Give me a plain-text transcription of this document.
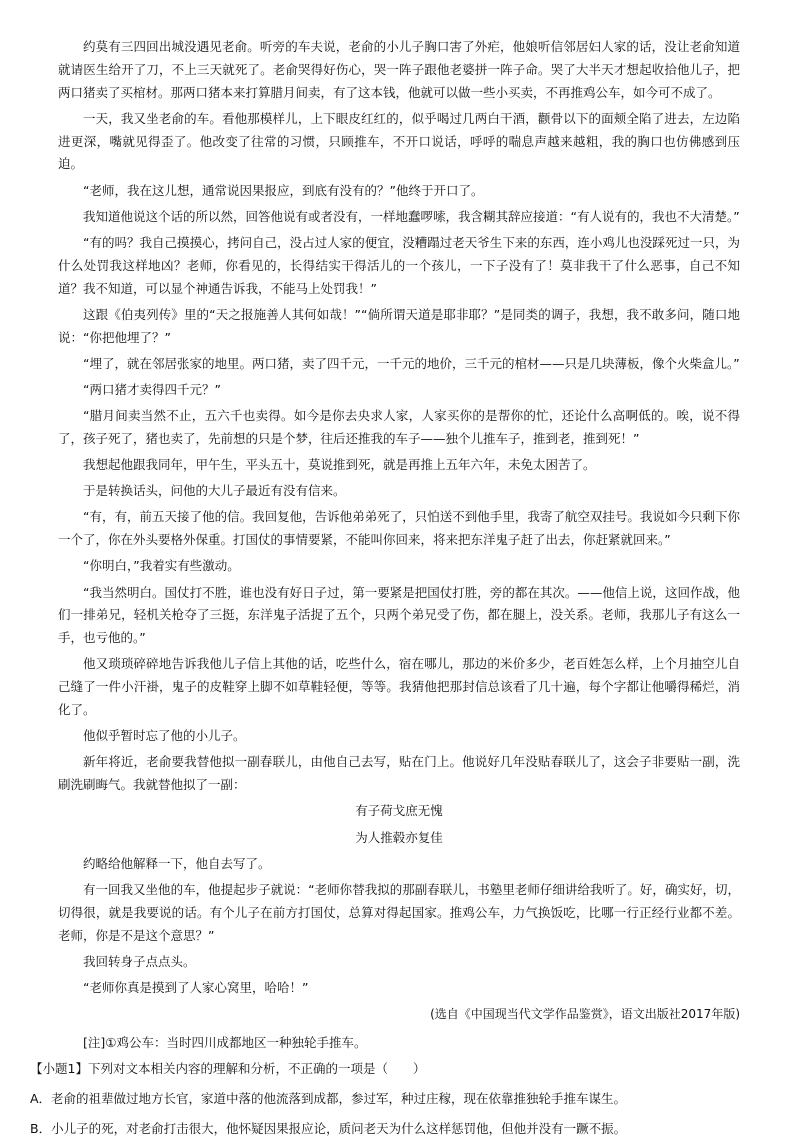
约莫有三四回出城没遇见老俞。听旁的车夫说，老俞的小儿子胸口害了外疟，他娘听信邻居妇人家的话，没让老俞知道就请医生给开了刀，不上三天就死了。老俞哭得好伤心，哭一阵子跟他老婆拼一阵子命。哭了大半天才想起收拾他儿子，把两口猪卖了买棺材。那两口猪本来打算腊月间卖，有了这本钱，他就可以做一些小买卖，不再推鸡公车，如今可不成了。

一天，我又坐老俞的车。看他那模样儿，上下眼皮红红的，似乎喝过几两白干酒，颧骨以下的面颊全陷了进去，左边陷进更深，嘴就见得歪了。他改变了往常的习惯，只顾推车，不开口说话，呼呼的喘息声越来越粗，我的胸口也仿佛感到压迫。

“老师，我在这儿想，通常说因果报应，到底有没有的？”他终于开口了。

我知道他说这个话的所以然，回答他说有或者没有，一样地蠢啰嗦，我含糊其辞应接道：“有人说有的，我也不大清楚。”

“有的吗？我自己摸摸心，拷问自己，没占过人家的便宜，没糟蹋过老天爷生下来的东西，连小鸡儿也没踩死过一只，为什么处罚我这样地凶？老师，你看见的，长得结实干得活儿的一个孩儿，一下子没有了！莫非我干了什么恶事，自己不知道？我不知道，可以显个神通告诉我，不能马上处罚我！”

这跟《伯夷列传》里的“天之报施善人其何如哉！”“倘所谓天道是耶非耶？”是同类的调子，我想，我不敢多问，随口地说：“你把他埋了？”

“埋了，就在邻居张家的地里。两口猪，卖了四千元，一千元的地价，三千元的棺材——只是几块薄板，像个火柴盒儿。”

“两口猪才卖得四千元？”

“腊月间卖当然不止，五六千也卖得。如今是你去央求人家，人家买你的是帮你的忙，还论什么高啊低的。唉，说不得了，孩子死了，猪也卖了，先前想的只是个梦，往后还推我的车子——独个儿推车子，推到老，推到死！”

我想起他跟我同年，甲午生，平头五十，莫说推到死，就是再推上五年六年，未免太困苦了。

于是转换话头，问他的大儿子最近有没有信来。

“有，有，前五天接了他的信。我回复他，告诉他弟弟死了，只怕送不到他手里，我寄了航空双挂号。我说如今只剩下你一个了，你在外头要格外保重。打国仗的事情要紧，不能叫你回来，将来把东洋鬼子赶了出去，你赶紧就回来。”

“你明白，”我着实有些激动。

“我当然明白。国仗打不胜，谁也没有好日子过，第一要紧是把国仗打胜，旁的都在其次。——他信上说，这回作战，他们一排弟兄，轻机关枪夺了三挺，东洋鬼子活捉了五个，只两个弟兄受了伤，都在腿上，没关系。老师，我那儿子有这么一手，也亏他的。”

他又琐琐碎碎地告诉我他儿子信上其他的话，吃些什么，宿在哪儿，那边的米价多少，老百姓怎么样，上个月抽空儿自己缝了一件小汗褂，鬼子的皮鞋穿上脚不如草鞋轻便，等等。我猜他把那封信总该看了几十遍，每个字都让他嚼得稀烂，消化了。

他似乎暂时忘了他的小儿子。

新年将近，老俞要我替他拟一副春联儿，由他自己去写，贴在门上。他说好几年没贴春联儿了，这会子非要贴一副，洗刷洗刷晦气。我就替他拟了一副：

有子荷戈庶无愧

为人推毂亦复佳

约略给他解释一下，他自去写了。

有一回我又坐他的车，他提起步子就说：“老师你替我拟的那副春联儿，书塾里老师仔细讲给我听了。好，确实好，切，切得很，就是我要说的话。有个儿子在前方打国仗，总算对得起国家。推鸡公车，力气换饭吃，比哪一行正经行业都不差。老师，你是不是这个意思？”

我回转身子点点头。

“老师你真是摸到了人家心窝里，哈哈！”

(选自《中国现当代文学作品鉴赏》，语文出版社2017年版)

[注]①鸡公车：当时四川成都地区一种独轮手推车。

【小题1】下列对文本相关内容的理解和分析，不正确的一项是（　　）

A．老俞的祖辈做过地方长官，家道中落的他流落到成都，参过军，种过庄稼，现在依靠推独轮手推车谋生。

B．小儿子的死，对老俞打击很大，他怀疑因果报应论，质问老天为什么这样惩罚他，但他并没有一蹶不振。
